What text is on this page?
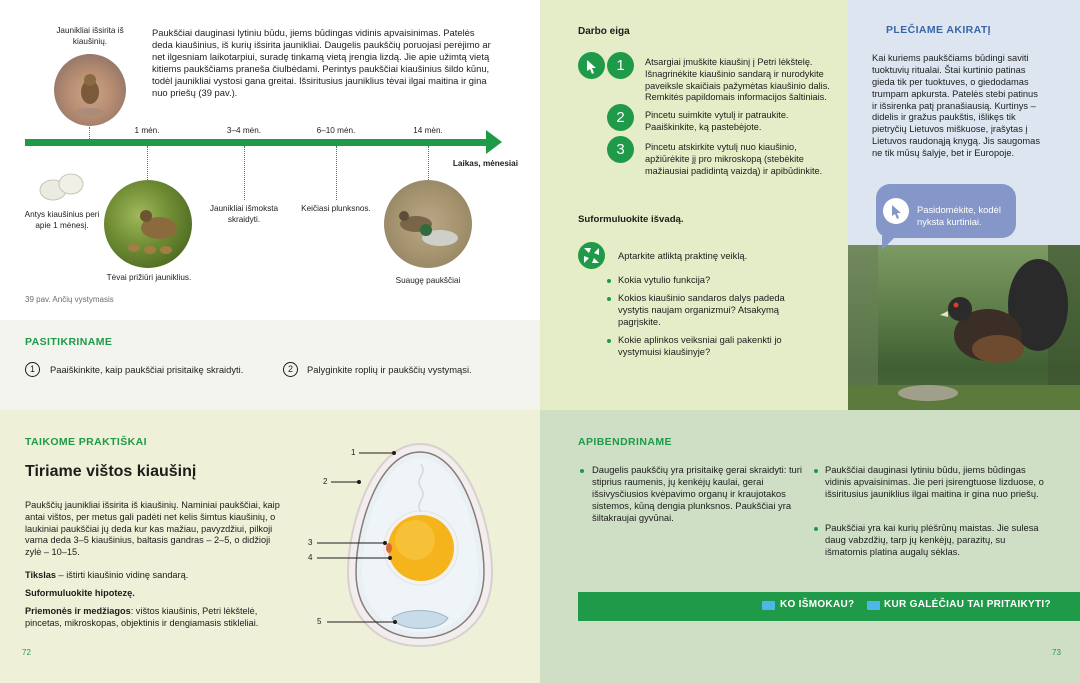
Jaunikliai išsirita iš kiaušinių.
Paukščiai dauginasi lytiniu būdu, jiems būdingas vidinis apvaisinimas. Patelės deda kiaušinius, iš kurių išsirita jaunikliai. Daugelis paukščių poruojasi perėjimo ar net ilgesniam laikotarpiui, suradę tinkamą vietą įrengia lizdą. Jie apie užimtą vietą kitiems paukščiams praneša čiulbėdami. Perintys paukščiai kiaušinius šildo kūnu, todėl jaunikliai vystosi gana greitai. Išsiritusius jauniklius tėvai ilgai maitina ir gina nuo priešų (39 pav.).
1 mėn.	3–4 mėn.	6–10 mėn.	14 mėn.
Laikas, mėnesiai
Antys kiaušinius peri apie 1 mėnesį.
Tėvai prižiūri jauniklius.
Jaunikliai išmoksta skraidyti.
Keičiasi plunksnos.
Suaugę paukščiai
39 pav. Ančių vystymasis
PASITIKRINAME
1	Paaiškinkite, kaip paukščiai prisitaikę skraidyti.	2	Palyginkite roplių ir paukščių vystymąsi.
TAIKOME PRAKTIŠKAI
Tiriame vištos kiaušinį
Paukščių jaunikliai išsirita iš kiaušinių. Naminiai paukščiai, kaip antai vištos, per metus gali padėti net kelis šimtus kiaušinių, o laukiniai paukščiai jų deda kur kas mažiau, pavyzdžiui, pilkoji varna deda 3–5 kiaušinius, baltasis gandras – 2–5, o didžioji zylė – 10–15.
Tikslas – ištirti kiaušinio vidinę sandarą.
Suformuluokite hipotezę.
Priemonės ir medžiagos: vištos kiaušinis, Petri lėkštelė, pincetas, mikroskopas, objektinis ir dengiamasis stikleliai.
1
2
3
4
5
72
Darbo eiga
1	Atsargiai įmuškite kiaušinį į Petri lėkštelę. Išnagrinėkite kiaušinio sandarą ir nurodykite paveiksle skaičiais pažymėtas kiaušinio dalis. Remkitės papildomais informacijos šaltiniais.
2	Pincetu suimkite vytulį ir patraukite. Paaiškinkite, ką pastebėjote.
3	Pincetu atskirkite vytulį nuo kiaušinio, apžiūrėkite jį pro mikroskopą (stebėkite mažiausiai padidintą vaizdą) ir apibūdinkite.
Suformuluokite išvadą.
Aptarkite atliktą praktinę veiklą.
Kokia vytulio funkcija?
Kokios kiaušinio sandaros dalys padeda vystytis naujam organizmui? Atsakymą pagrįskite.
Kokie aplinkos veiksniai gali pakenkti jo vystymuisi kiaušinyje?
PLEČIAME AKIRATĮ
Kai kuriems paukščiams būdingi saviti tuoktuvių ritualai. Štai kurtinio patinas gieda tik per tuoktuves, o giedodamas trumpam apkursta. Patelės stebi patinus ir išsirenka patį pranašiausią. Kurtinys – didelis ir gražus paukštis, išlikęs tik pietryčių Lietuvos miškuose, įrašytas į Lietuvos raudonąją knygą. Jis saugomas ne tik mūsų šalyje, bet ir Europoje.
Pasidomėkite, kodėl nyksta kurtiniai.
APIBENDRINAME
Daugelis paukščių yra prisitaikę gerai skraidyti: turi stiprius raumenis, jų kenkėjų kaulai, gerai išsivysčiusios kvėpavimo organų ir kraujotakos sistemos, kūną dengia plunksnos. Paukščiai yra šiltakraujai gyvūnai.
Paukščiai dauginasi lytiniu būdu, jiems būdingas vidinis apvaisinimas. Jie peri įsirengtuose lizduose, o išsiritusius jauniklius ilgai maitina ir gina nuo priešų.
Paukščiai yra kai kurių plėšrūnų maistas. Jie sulesa daug vabzdžių, tarp jų kenkėjų, parazitų, su išmatomis platina augalų sėklas.
KO IŠMOKAU?	KUR GALĖČIAU TAI PRITAIKYTI?
73
